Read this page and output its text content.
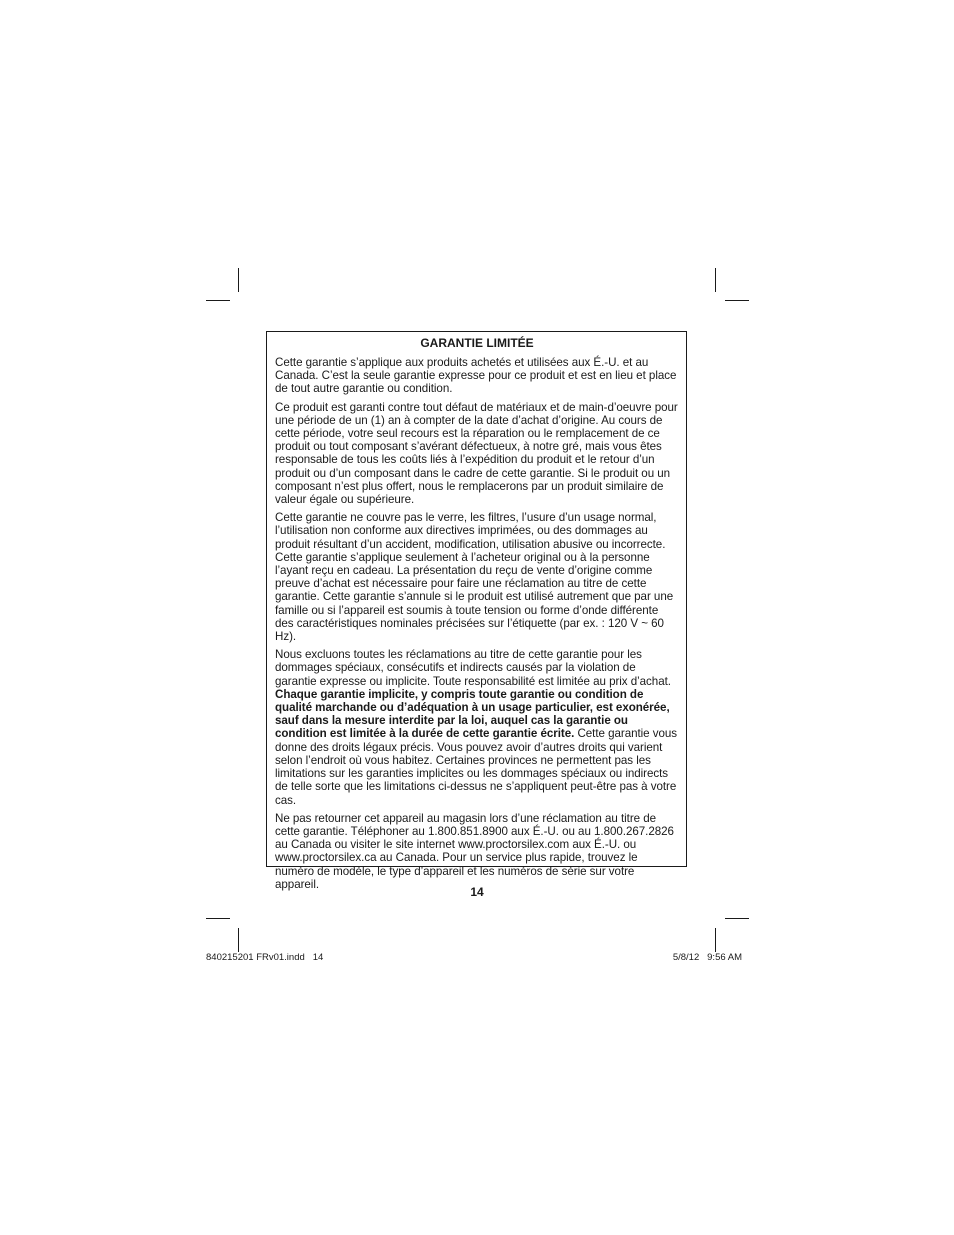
GARANTIE LIMITÉE

Cette garantie s’applique aux produits achetés et utilisées aux É.-U. et au Canada. C’est la seule garantie expresse pour ce produit et est en lieu et place de tout autre garantie ou condition.

Ce produit est garanti contre tout défaut de matériaux et de main-d’oeuvre pour une période de un (1) an à compter de la date d’achat d’origine. Au cours de cette période, votre seul recours est la réparation ou le remplacement de ce produit ou tout composant s’avérant défectueux, à notre gré, mais vous êtes responsable de tous les coûts liés à l’expédition du produit et le retour d’un produit ou d’un composant dans le cadre de cette garantie. Si le produit ou un composant n’est plus offert, nous le remplacerons par un produit similaire de valeur égale ou supérieure.

Cette garantie ne couvre pas le verre, les filtres, l’usure d’un usage normal, l’utilisation non conforme aux directives imprimées, ou des dommages au produit résultant d’un accident, modification, utilisation abusive ou incorrecte. Cette garantie s’applique seulement à l’acheteur original ou à la personne l’ayant reçu en cadeau. La présentation du reçu de vente d’origine comme preuve d’achat est nécessaire pour faire une réclamation au titre de cette garantie. Cette garantie s’annule si le produit est utilisé autrement que par une famille ou si l’appareil est soumis à toute tension ou forme d’onde différente des caractéristiques nominales précisées sur l’étiquette (par ex. : 120 V ~ 60 Hz).

Nous excluons toutes les réclamations au titre de cette garantie pour les dommages spéciaux, consécutifs et indirects causés par la violation de garantie expresse ou implicite. Toute responsabilité est limitée au prix d’achat. Chaque garantie implicite, y compris toute garantie ou condition de qualité marchande ou d’adéquation à un usage particulier, est exonérée, sauf dans la mesure interdite par la loi, auquel cas la garantie ou condition est limitée à la durée de cette garantie écrite. Cette garantie vous donne des droits légaux précis. Vous pouvez avoir d’autres droits qui varient selon l’endroit où vous habitez. Certaines provinces ne permettent pas les limitations sur les garanties implicites ou les dommages spéciaux ou indirects de telle sorte que les limitations ci-dessus ne s’appliquent peut-être pas à votre cas.

Ne pas retourner cet appareil au magasin lors d’une réclamation au titre de cette garantie. Téléphoner au 1.800.851.8900 aux É.-U. ou au 1.800.267.2826 au Canada ou visiter le site internet www.proctorsilex.com aux É.-U. ou www.proctorsilex.ca au Canada. Pour un service plus rapide, trouvez le numéro de modèle, le type d’appareil et les numéros de série sur votre appareil.

14
840215201 FRv01.indd   14	5/8/12   9:56 AM
